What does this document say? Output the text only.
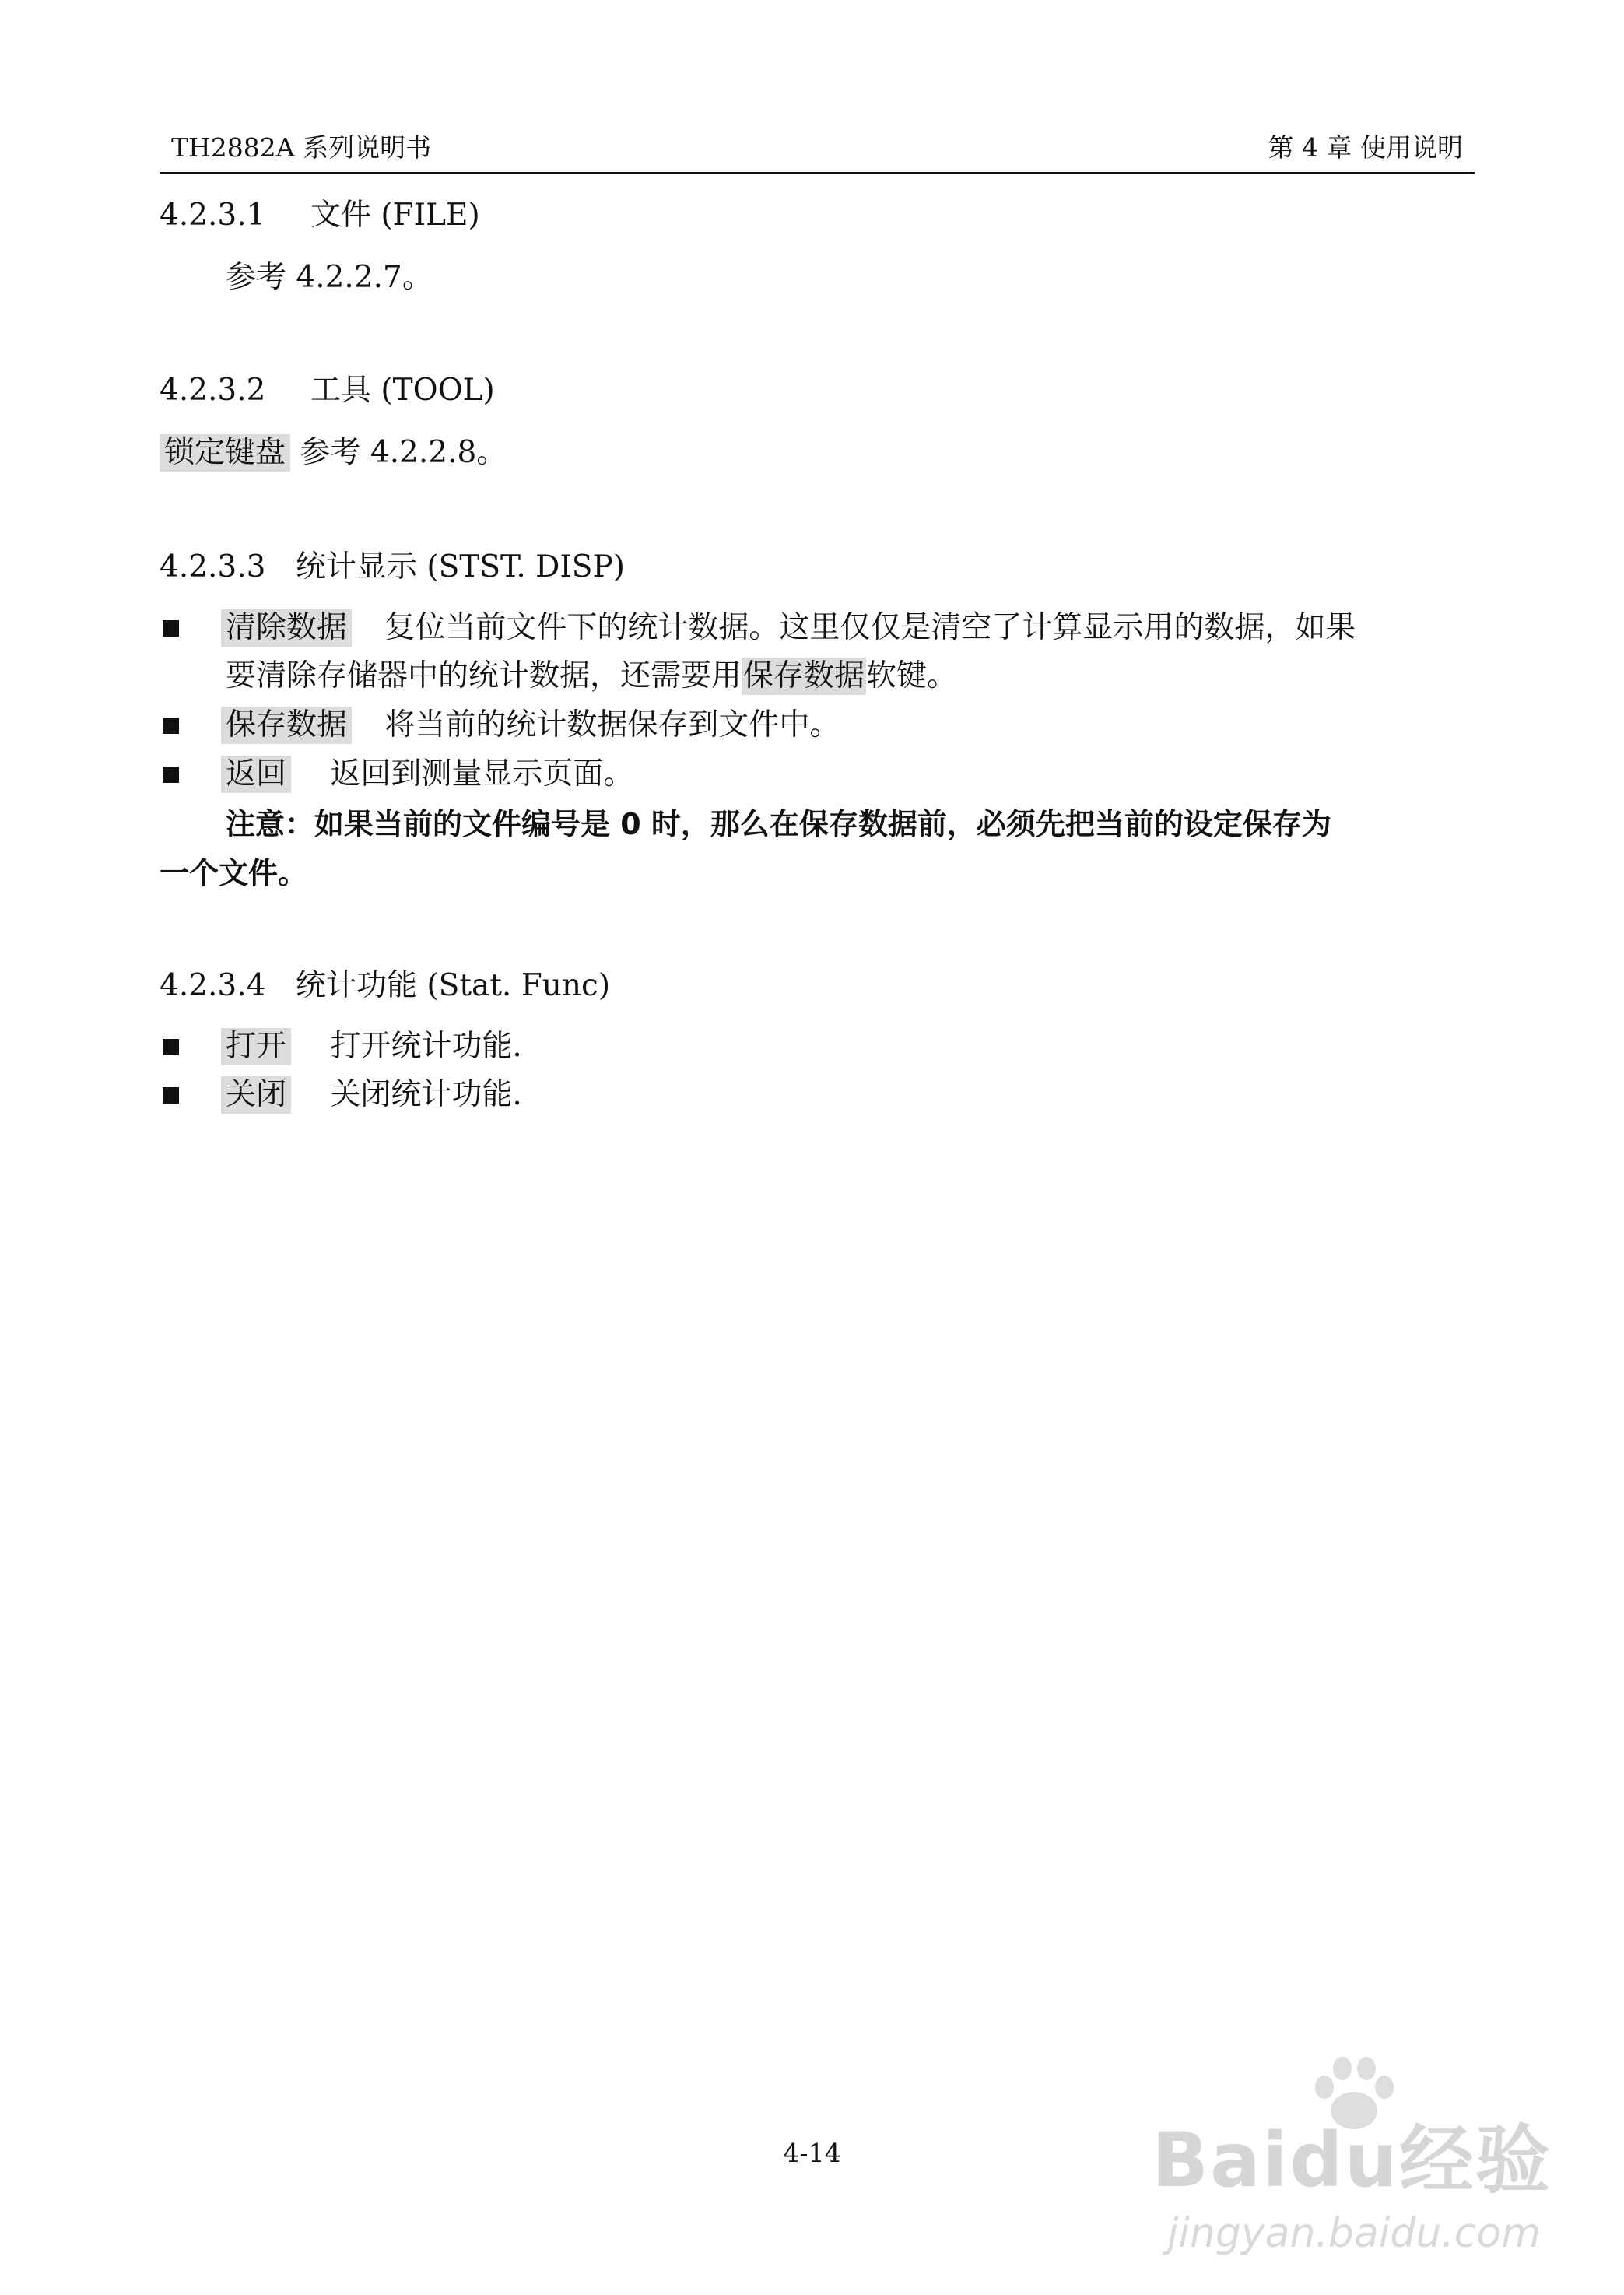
TH2882A 系列说明书	第 4 章 使用说明
4.2.3.1 文件 (FILE)
参考 4.2.2.7。
4.2.3.2 工具 (TOOL)
锁定键盘 参考 4.2.2.8。
4.2.3.3 统计显示 (STST. DISP)
清除数据 复位当前文件下的统计数据。这里仅仅是清空了计算显示用的数据，如果
要清除存储器中的统计数据，还需要用保存数据软键。
保存数据 将当前的统计数据保存到文件中。
返回 返回到测量显示页面。
注意：如果当前的文件编号是 0 时，那么在保存数据前，必须先把当前的设定保存为
一个文件。
4.2.3.4 统计功能 (Stat. Func)
打开 打开统计功能.
关闭 关闭统计功能.
4-14	Baidu经验
jingyan.baidu.com
